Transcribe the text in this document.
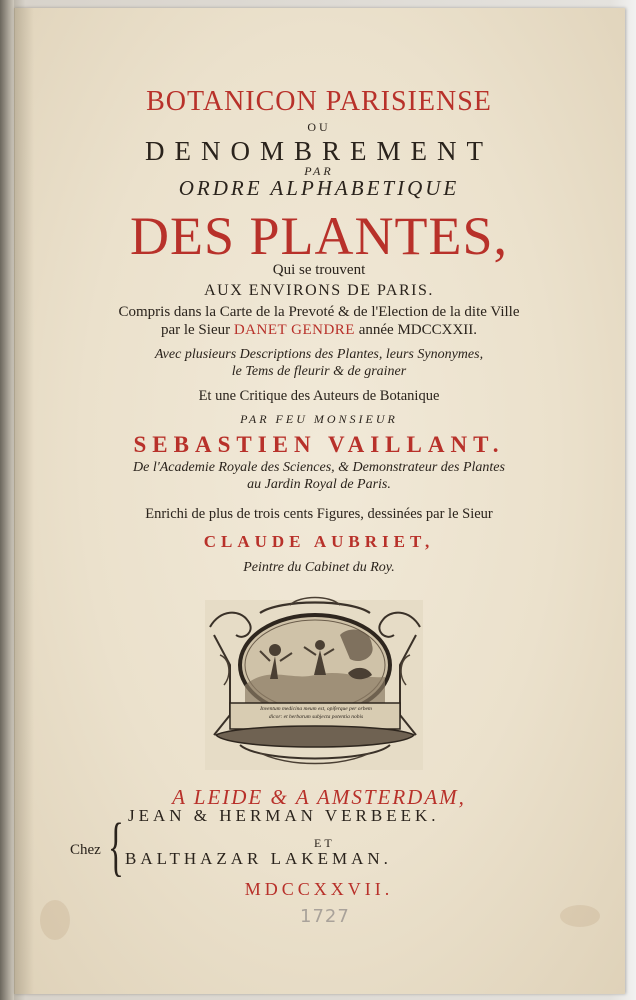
BOTANICON PARISIENSE
OU
DENOMBREMENT
PAR
ORDRE ALPHABETIQUE
DES PLANTES,
Qui se trouvent
AUX ENVIRONS DE PARIS.
Compris dans la Carte de la Prevoté & de l'Election de la dite Ville
par le Sieur DANET GENDRE année MDCCXXII.
Avec plusieurs Descriptions des Plantes, leurs Synonymes,
le Tems de fleurir & de grainer
Et une Critique des Auteurs de Botanique
PAR FEU MONSIEUR
SEBASTIEN VAILLANT.
De l'Academie Royale des Sciences, & Demonstrateur des Plantes
au Jardin Royal de Paris.
Enrichi de plus de trois cents Figures, dessinées par le Sieur
CLAUDE AUBRIET,
Peintre du Cabinet du Roy.
Inventum medicina meum est, opiferque per orbem
dicor: et herbarum subjecta potentia nobis
A LEIDE & A AMSTERDAM,
Chez { JEAN & HERMAN VERBEEK.
ET
BALTHAZAR LAKEMAN.
MDCCXXVII.
1727
